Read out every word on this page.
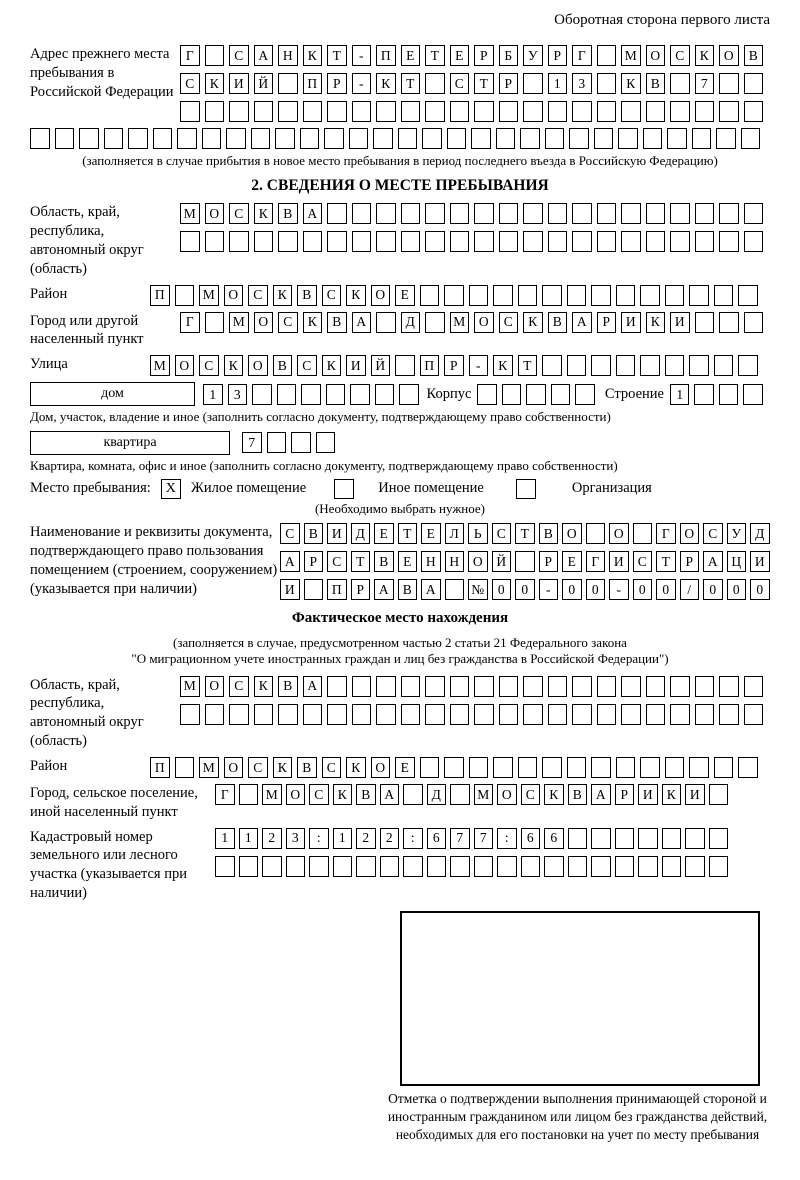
Оборотная сторона первого листа
Адрес прежнего места пребывания в Российской Федерации
Г	С	А	Н	К	Т	-	П	Е	Т	Е	Р	Б	У	Р	Г	М	О	С	К	О	В
С	К	И	Й	П	Р	-	К	Т	С	Т	Р	1	3	К	В	7
(заполняется в случае прибытия в новое место пребывания в период последнего въезда в Российскую Федерацию)
2. СВЕДЕНИЯ О МЕСТЕ ПРЕБЫВАНИЯ
Область, край, республика, автономный округ (область)
М	О	С	К	В	А
Район	П	М	О	С	К	В	С	К	О	Е
Город или другой населенный пункт
Г	М	О	С	К	В	А	Д	М	О	С	К	В	А	Р	И	К	И
Улица	М	О	С	К	О	В	С	К	И	Й	П	Р	-	К	Т
дом	1	3	Корпус	Строение 1
Дом, участок, владение и иное (заполнить согласно документу, подтверждающему право собственности)
квартира	7
Квартира, комната, офис и иное (заполнить согласно документу, подтверждающему право собственности)
Место пребывания:	X	Жилое помещение	Иное помещение	Организация
(Необходимо выбрать нужное)
Наименование и реквизиты документа, подтверждающего право пользования помещением (строением, сооружением) (указывается при наличии)
С	В	И	Д	Е	Т	Е	Л	Ь	С	Т	В	О	О	Г	О	С	У	Д
А	Р	С	Т	В	Е	Н	Н	О	Й	Р	Е	Г	И	С	Т	Р	А	Ц	И
И	П	Р	А	В	А	№	0	0	-	0	0	-	0	0	/	0	0	0
Фактическое место нахождения
(заполняется в случае, предусмотренном частью 2 статьи 21 Федерального закона
"О миграционном учете иностранных граждан и лиц без гражданства в Российской Федерации")
Область, край, республика, автономный округ (область)
М	О	С	К	В	А
Район	П	М	О	С	К	В	С	К	О	Е
Город, сельское поселение, иной населенный пункт
Г	М О	С	К	В	А	Д	М О	С	К	В	А	Р	И	К	И
Кадастровый номер земельного или лесного участка (указывается при наличии)
1	1	2	3	:	1	2	2	:	6	7	7	:	6	6
Отметка о подтверждении выполнения принимающей стороной и иностранным гражданином или лицом без гражданства действий, необходимых для его постановки на учет по месту пребывания
